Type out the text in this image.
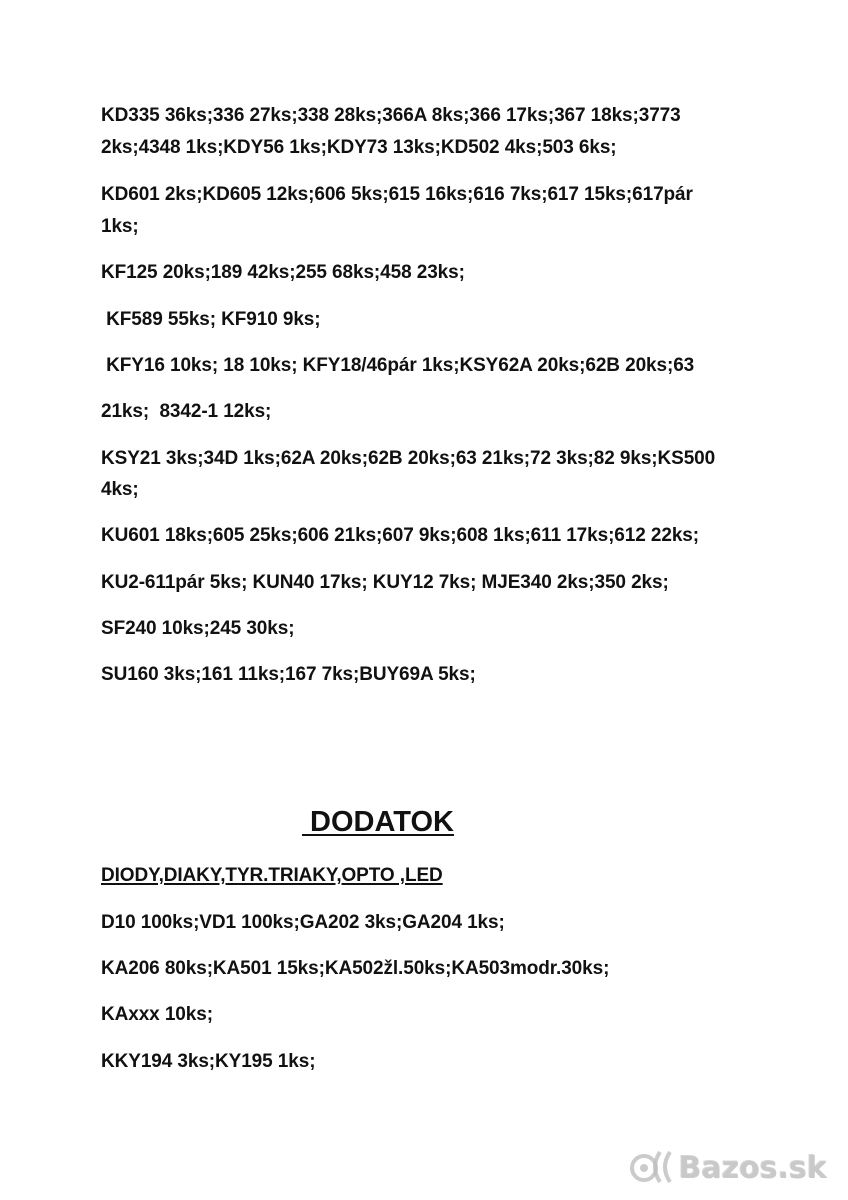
KD335 36ks;336 27ks;338 28ks;366A 8ks;366 17ks;367 18ks;3773
2ks;4348 1ks;KDY56 1ks;KDY73 13ks;KD502 4ks;503 6ks;
KD601 2ks;KD605 12ks;606 5ks;615 16ks;616 7ks;617 15ks;617pár
1ks;
KF125 20ks;189 42ks;255 68ks;458 23ks;
KF589 55ks; KF910 9ks;
KFY16 10ks; 18 10ks; KFY18/46pár 1ks;KSY62A 20ks;62B 20ks;63
21ks;  8342-1 12ks;
KSY21 3ks;34D 1ks;62A 20ks;62B 20ks;63 21ks;72 3ks;82 9ks;KS500
4ks;
KU601 18ks;605 25ks;606 21ks;607 9ks;608 1ks;611 17ks;612 22ks;
KU2-611pár 5ks; KUN40 17ks; KUY12 7ks; MJE340 2ks;350 2ks;
SF240 10ks;245 30ks;
SU160 3ks;161 11ks;167 7ks;BUY69A 5ks;
DODATOK
DIODY,DIAKY,TYR.TRIAKY,OPTO ,LED
D10 100ks;VD1 100ks;GA202 3ks;GA204 1ks;
KA206 80ks;KA501 15ks;KA502žl.50ks;KA503modr.30ks;
KAxxx 10ks;
KKY194 3ks;KY195 1ks;
Bazos.sk
